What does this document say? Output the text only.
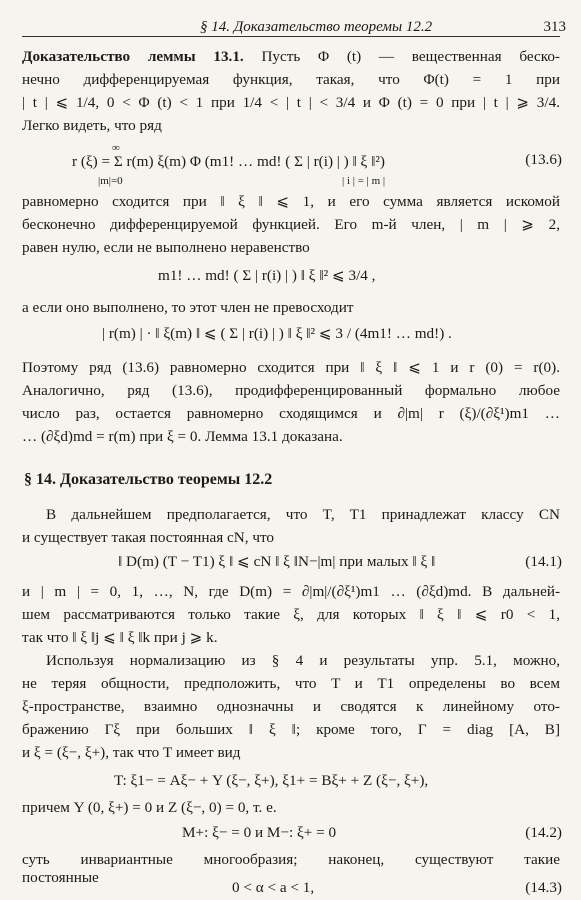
§ 14. Доказательство теоремы 12.2	313
Доказательство леммы 13.1. Пусть Φ (t) — вещественная беско-
нечно дифференцируемая функция, такая, что Φ(t) = 1 при
| t | ⩽ 1/4, 0 < Φ (t) < 1 при 1/4 < | t | < 3/4 и Φ (t) = 0 при | t | ⩾ 3/4.
Легко видеть, что ряд
∞
r (ξ) = Σ r(m) ξ(m) Φ (m1! … md! ( Σ | r(i) | ) ‖ ξ ‖²)
|m|=0	| i | = | m |
(13.6)
равномерно сходится при ‖ ξ ‖ ⩽ 1, и его сумма является искомой
бесконечно дифференцируемой функцией. Его m-й член, | m | ⩾ 2,
равен нулю, если не выполнено неравенство
m1! … md! ( Σ | r(i) | ) ‖ ξ ‖² ⩽ 3/4 ,
а если оно выполнено, то этот член не превосходит
| r(m) | · ‖ ξ(m) ‖ ⩽ ( Σ | r(i) | ) ‖ ξ ‖² ⩽ 3 / (4m1! … md!) .
Поэтому ряд (13.6) равномерно сходится при ‖ ξ ‖ ⩽ 1 и r (0) = r(0).
Аналогично, ряд (13.6), продифференцированный формально любое
число раз, остается равномерно сходящимся и ∂|m| r (ξ)/(∂ξ¹)m1 …
… (∂ξd)md = r(m) при ξ = 0. Лемма 13.1 доказана.
§ 14. Доказательство теоремы 12.2
В дальнейшем предполагается, что T, T1 принадлежат классу CN
и существует такая постоянная cN, что
‖ D(m) (T − T1) ξ ‖ ⩽ cN ‖ ξ ‖N−|m| при малых ‖ ξ ‖	(14.1)
и | m | = 0, 1, …, N, где D(m) = ∂|m|/(∂ξ¹)m1 … (∂ξd)md. В дальней-
шем рассматриваются только такие ξ, для которых ‖ ξ ‖ ⩽ r0 < 1,
так что ‖ ξ ‖j ⩽ ‖ ξ ‖k при j ⩾ k.
Используя нормализацию из § 4 и результаты упр. 5.1, можно,
не теряя общности, предположить, что T и T1 определены во всем
ξ-пространстве, взаимно однозначны и сводятся к линейному ото-
бражению Γξ при больших ‖ ξ ‖; кроме того, Γ = diag [A, B]
и ξ = (ξ−, ξ+), так что T имеет вид
T: ξ1− = Aξ− + Y (ξ−, ξ+), ξ1+ = Bξ+ + Z (ξ−, ξ+),
причем Y (0, ξ+) = 0 и Z (ξ−, 0) = 0, т. е.
M+: ξ− = 0 и M−: ξ+ = 0	(14.2)
суть инвариантные многообразия; наконец, существуют такие
постоянные
0 < α < a < 1,	(14.3)
